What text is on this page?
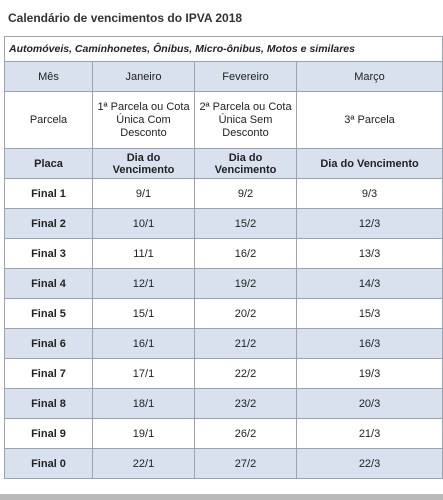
Calendário de vencimentos do IPVA 2018
Automóveis, Caminhonetes, Ônibus, Micro-ônibus, Motos e similares			
Mês	Janeiro	Fevereiro	Março
Parcela	1ª Parcela ou Cota Única Com Desconto	2ª Parcela ou Cota Única Sem Desconto	3ª Parcela
Placa	Dia do Vencimento	Dia do Vencimento	Dia do Vencimento
Final 1	9/1	9/2	9/3
Final 2	10/1	15/2	12/3
Final 3	11/1	16/2	13/3
Final 4	12/1	19/2	14/3
Final 5	15/1	20/2	15/3
Final 6	16/1	21/2	16/3
Final 7	17/1	22/2	19/3
Final 8	18/1	23/2	20/3
Final 9	19/1	26/2	21/3
Final 0	22/1	27/2	22/3
